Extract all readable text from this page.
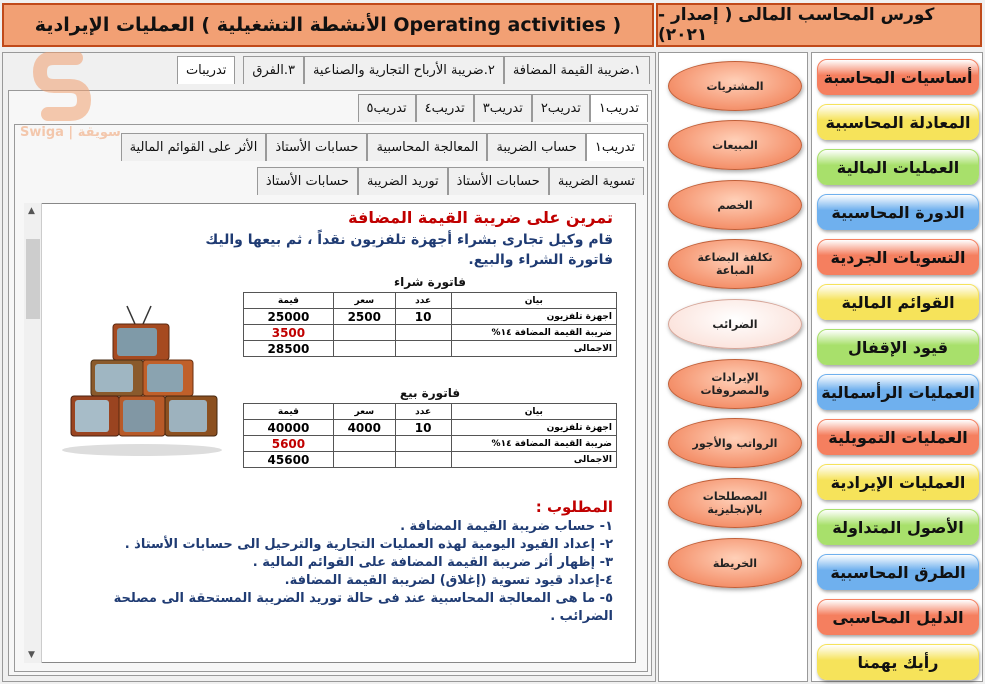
كورس المحاسب المالى ( إصدار - ٢٠٢١)
العمليات الإيرادية ( الأنشطة التشغيلية Operating activities )
أساسيات المحاسبة
المعادلة المحاسبية
العمليات المالية
الدورة المحاسبية
التسويات الجردية
القوائم المالية
قيود الإقفال
العمليات الرأسمالية
العمليات التمويلية
العمليات الإيرادية
الأصول المتداولة
الطرق المحاسبية
الدليل المحاسبى
رأيك يهمنا
المشتريات
المبيعات
الخصم
تكلفة البضاعة المباعة
الضرائب
الإيرادات والمصروفات
الرواتب والأجور
المصطلحات بالإنجليزية
الخريطة
١.ضريبة القيمة المضافة
٢.ضريبة الأرباح التجارية والصناعية
٣.الفرق
تدريبات
تدريب١
تدريب٢
تدريب٣
تدريب٤
تدريب٥
تدريب١
حساب الضريبة
المعالجة المحاسبية
حسابات الأستاذ
الأثر على القوائم المالية
تسوية الضريبة
حسابات الأستاذ
توريد الضريبة
حسابات الأستاذ
Swiga | سويقة
تمرين على ضريبة القيمة المضافة
قام وكيل تجارى بشراء أجهزة تلفزيون نقداً ، ثم بيعها واليك فاتورة الشراء والبيع.
فاتورة شراء
بيان	عدد	سعر	قيمة
اجهزة تلفزيون	10	2500	25000
ضريبة القيمة المضافة ١٤%			3500
الاجمالى			28500
فاتورة بيع
بيان	عدد	سعر	قيمة
اجهزة تلفزيون	10	4000	40000
ضريبة القيمة المضافة ١٤%			5600
الاجمالى			45600
المطلوب :
١- حساب ضريبة القيمة المضافة .
٢- إعداد القيود اليومية لهذه العمليات التجارية والترحيل الى حسابات الأستاذ .
٣- إظهار أثر ضريبة القيمة المضافة على القوائم المالية .
٤-إعداد قيود تسوية (إغلاق) لضريبة القيمة المضافة.
٥- ما هى المعالجة المحاسبية عند فى حالة توريد الضريبة المستحقة الى مصلحة الضرائب .
▲
▼
